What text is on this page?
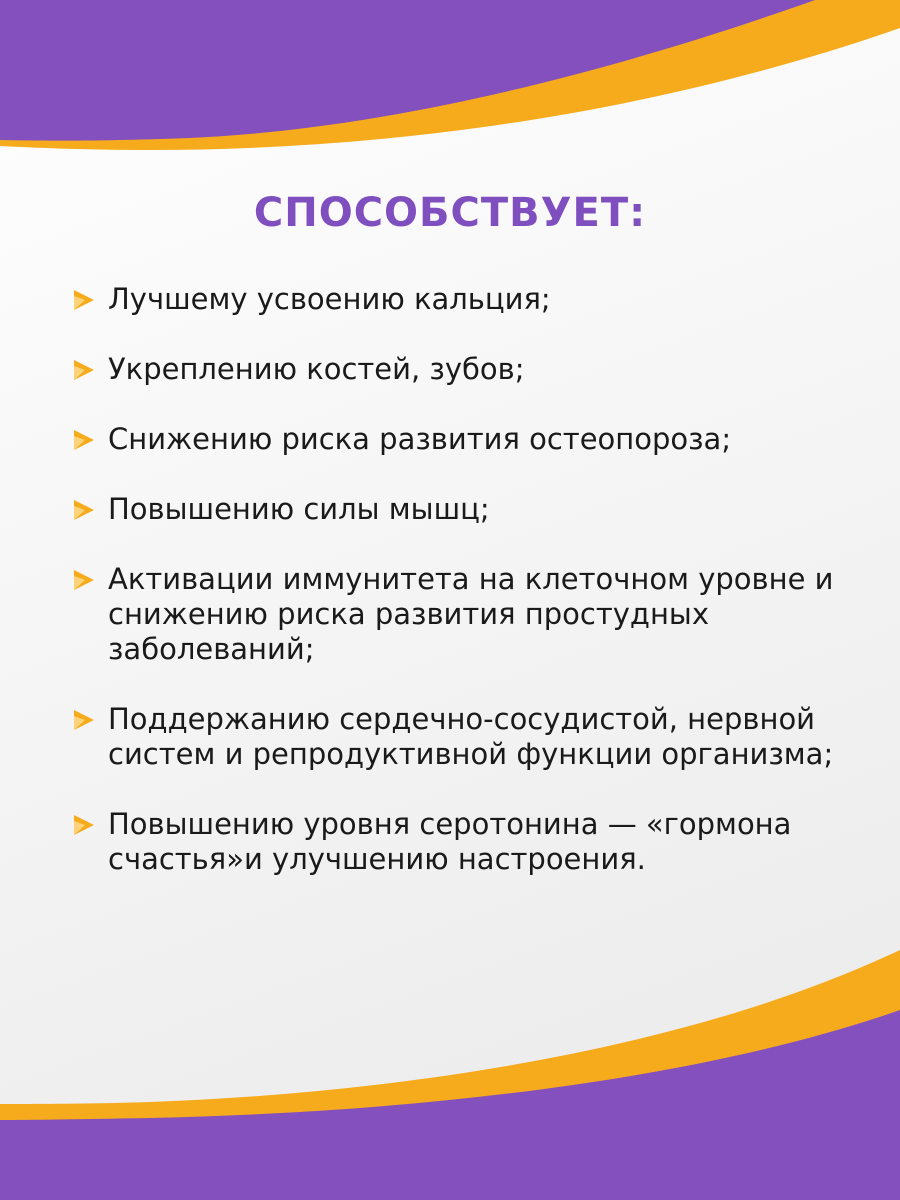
СПОСОБСТВУЕТ:
Лучшему усвоению кальция;
Укреплению костей, зубов;
Снижению риска развития остеопороза;
Повышению силы мышц;
Активации иммунитета на клеточном уровне и снижению риска развития простудных заболеваний;
Поддержанию сердечно-сосудистой, нервной систем и репродуктивной функции организма;
Повышению уровня серотонина — «гормона счастья»и улучшению настроения.
